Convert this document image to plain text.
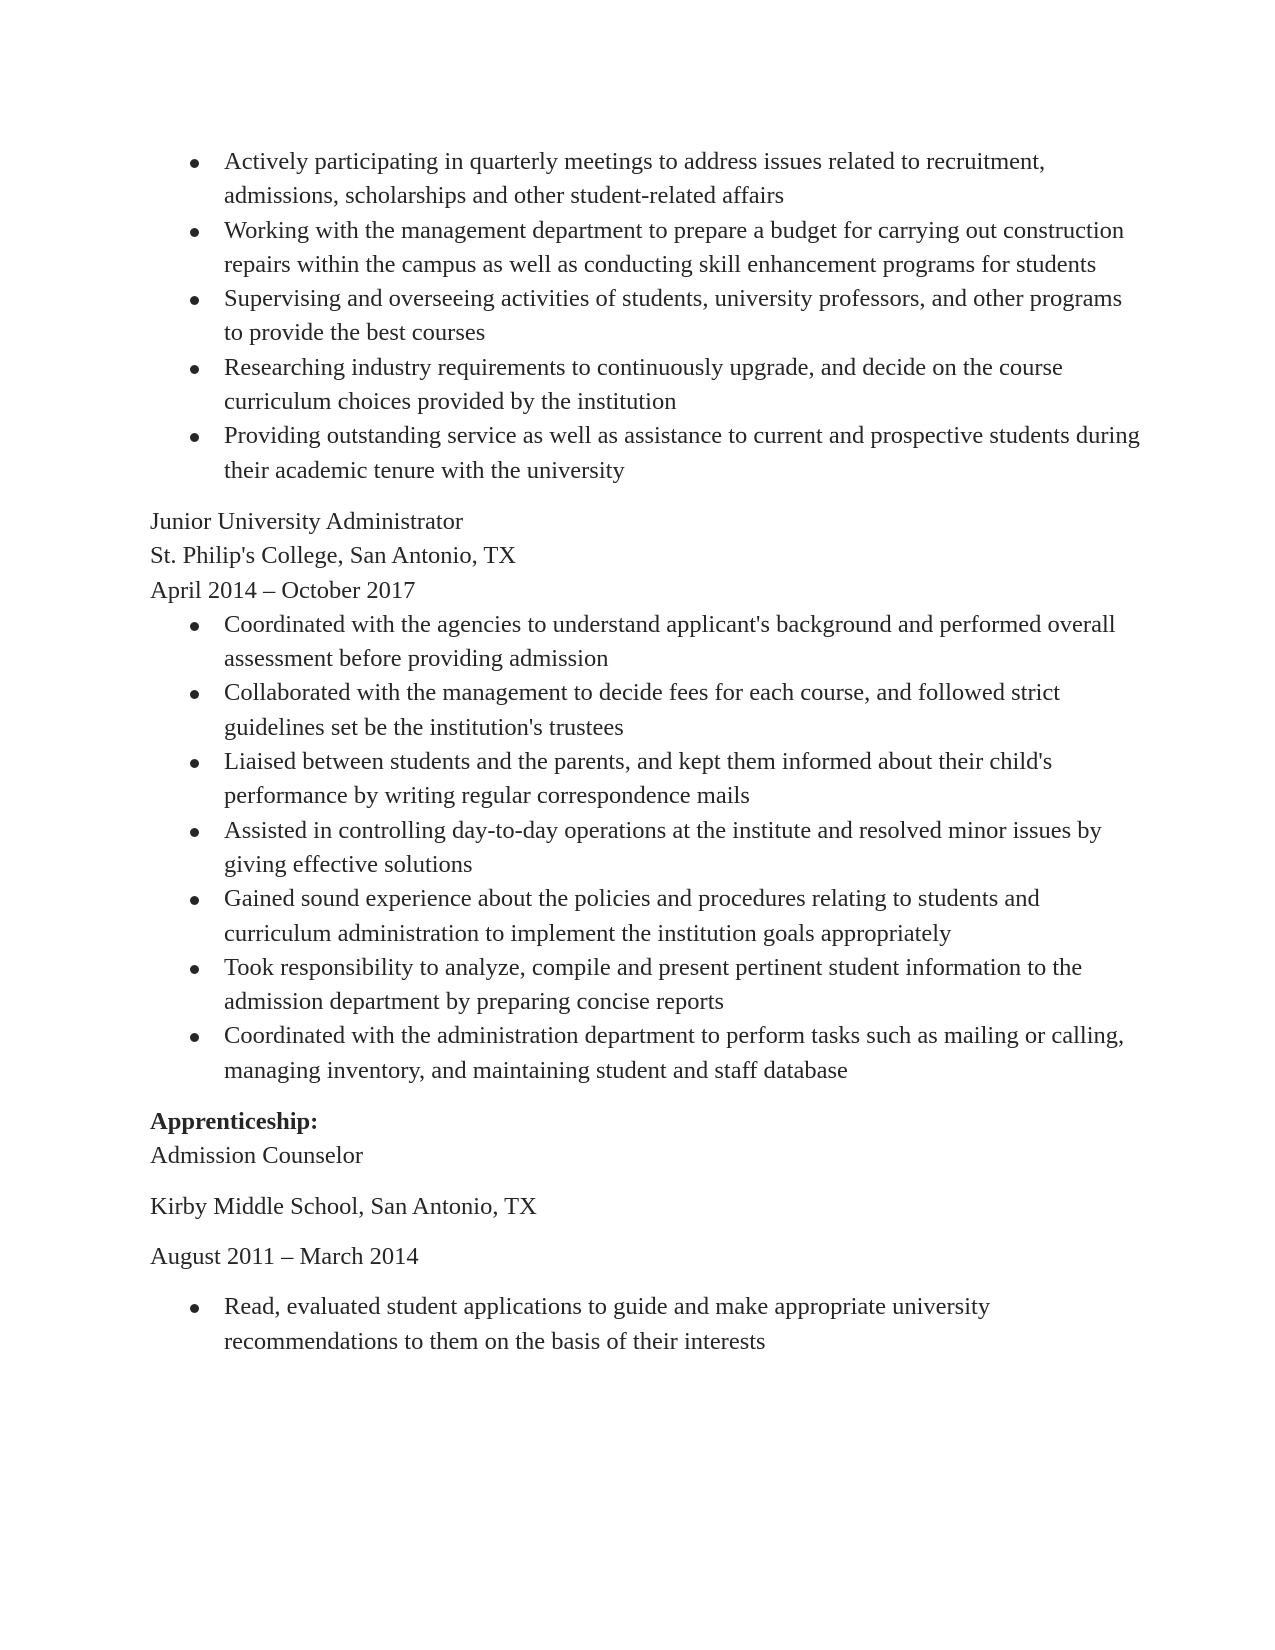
Actively participating in quarterly meetings to address issues related to recruitment, admissions, scholarships and other student-related affairs
Working with the management department to prepare a budget for carrying out construction repairs within the campus as well as conducting skill enhancement programs for students
Supervising and overseeing activities of students, university professors, and other programs to provide the best courses
Researching industry requirements to continuously upgrade, and decide on the course curriculum choices provided by the institution
Providing outstanding service as well as assistance to current and prospective students during their academic tenure with the university

Junior University Administrator

St. Philip's College, San Antonio, TX

April 2014 – October 2017

Coordinated with the agencies to understand applicant's background and performed overall assessment before providing admission
Collaborated with the management to decide fees for each course, and followed strict guidelines set be the institution's trustees
Liaised between students and the parents, and kept them informed about their child's performance by writing regular correspondence mails
Assisted in controlling day-to-day operations at the institute and resolved minor issues by giving effective solutions
Gained sound experience about the policies and procedures relating to students and curriculum administration to implement the institution goals appropriately
Took responsibility to analyze, compile and present pertinent student information to the admission department by preparing concise reports
Coordinated with the administration department to perform tasks such as mailing or calling, managing inventory, and maintaining student and staff database

Apprenticeship:

Admission Counselor

Kirby Middle School, San Antonio, TX

August 2011 – March 2014

Read, evaluated student applications to guide and make appropriate university recommendations to them on the basis of their interests
